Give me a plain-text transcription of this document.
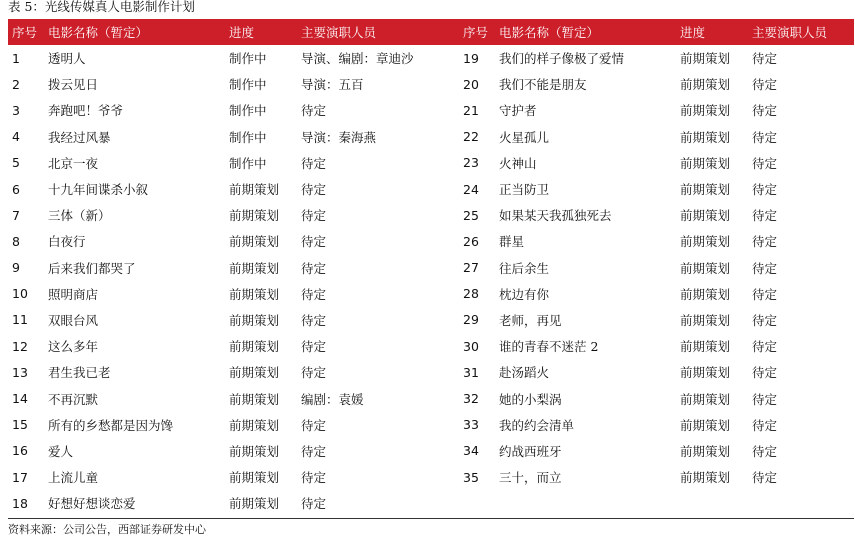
表 5：光线传媒真人电影制作计划
序号	电影名称（暂定）	进度	主要演职人员	序号	电影名称（暂定）	进度	主要演职人员
1	透明人	制作中	导演、编剧：章迪沙	19	我们的样子像极了爱情	前期策划	待定
2	拨云见日	制作中	导演：五百	20	我们不能是朋友	前期策划	待定
3	奔跑吧！爷爷	制作中	待定	21	守护者	前期策划	待定
4	我经过风暴	制作中	导演：秦海燕	22	火星孤儿	前期策划	待定
5	北京一夜	制作中	待定	23	火神山	前期策划	待定
6	十九年间谍杀小叙	前期策划	待定	24	正当防卫	前期策划	待定
7	三体（新）	前期策划	待定	25	如果某天我孤独死去	前期策划	待定
8	白夜行	前期策划	待定	26	群星	前期策划	待定
9	后来我们都哭了	前期策划	待定	27	往后余生	前期策划	待定
10	照明商店	前期策划	待定	28	枕边有你	前期策划	待定
11	双眼台风	前期策划	待定	29	老师，再见	前期策划	待定
12	这么多年	前期策划	待定	30	谁的青春不迷茫 2	前期策划	待定
13	君生我已老	前期策划	待定	31	赴汤蹈火	前期策划	待定
14	不再沉默	前期策划	编剧：袁媛	32	她的小梨涡	前期策划	待定
15	所有的乡愁都是因为馋	前期策划	待定	33	我的约会清单	前期策划	待定
16	爱人	前期策划	待定	34	约战西班牙	前期策划	待定
17	上流儿童	前期策划	待定	35	三十，而立	前期策划	待定
18	好想好想谈恋爱	前期策划	待定				
资料来源：公司公告，西部证券研发中心
